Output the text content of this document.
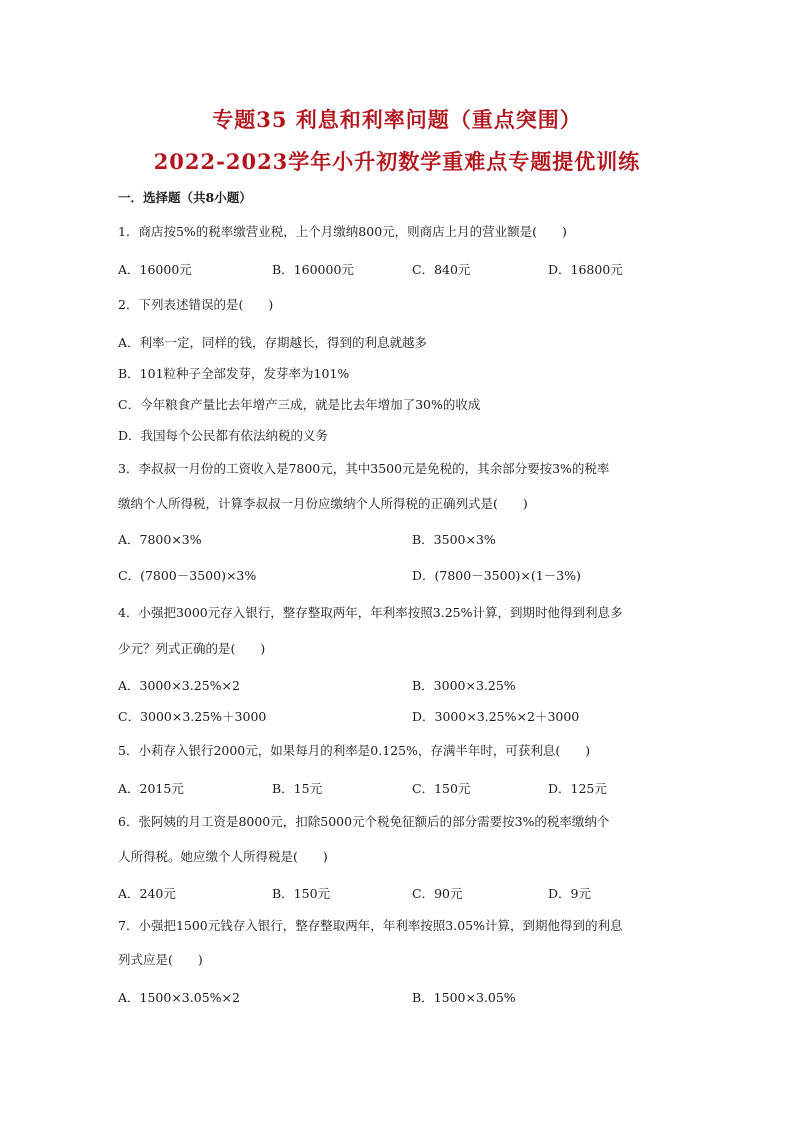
专题35 利息和利率问题（重点突围）
2022-2023学年小升初数学重难点专题提优训练
一．选择题（共8小题）
1．商店按5%的税率缴营业税，上个月缴纳800元，则商店上月的营业额是(　　)
A．16000元	B．160000元	C．840元	D．16800元
2．下列表述错误的是(　　)
A．利率一定，同样的钱，存期越长，得到的利息就越多
B．101粒种子全部发芽，发芽率为101%
C．今年粮食产量比去年增产三成，就是比去年增加了30%的收成
D．我国每个公民都有依法纳税的义务
3．李叔叔一月份的工资收入是7800元，其中3500元是免税的，其余部分要按3%的税率
缴纳个人所得税，计算李叔叔一月份应缴纳个人所得税的正确列式是(　　)
A．7800×3%	B．3500×3%
C．(7800－3500)×3%	D．(7800－3500)×(1－3%)
4．小强把3000元存入银行，整存整取两年，年利率按照3.25%计算，到期时他得到利息多
少元？列式正确的是(　　)
A．3000×3.25%×2	B．3000×3.25%
C．3000×3.25%＋3000	D．3000×3.25%×2＋3000
5．小莉存入银行2000元，如果每月的利率是0.125%，存满半年时，可获利息(　　)
A．2015元	B．15元	C．150元	D．125元
6．张阿姨的月工资是8000元，扣除5000元个税免征额后的部分需要按3%的税率缴纳个
人所得税。她应缴个人所得税是(　　)
A．240元	B．150元	C．90元	D．9元
7．小强把1500元钱存入银行，整存整取两年，年利率按照3.05%计算，到期他得到的利息
列式应是(　　)
A．1500×3.05%×2	B．1500×3.05%
